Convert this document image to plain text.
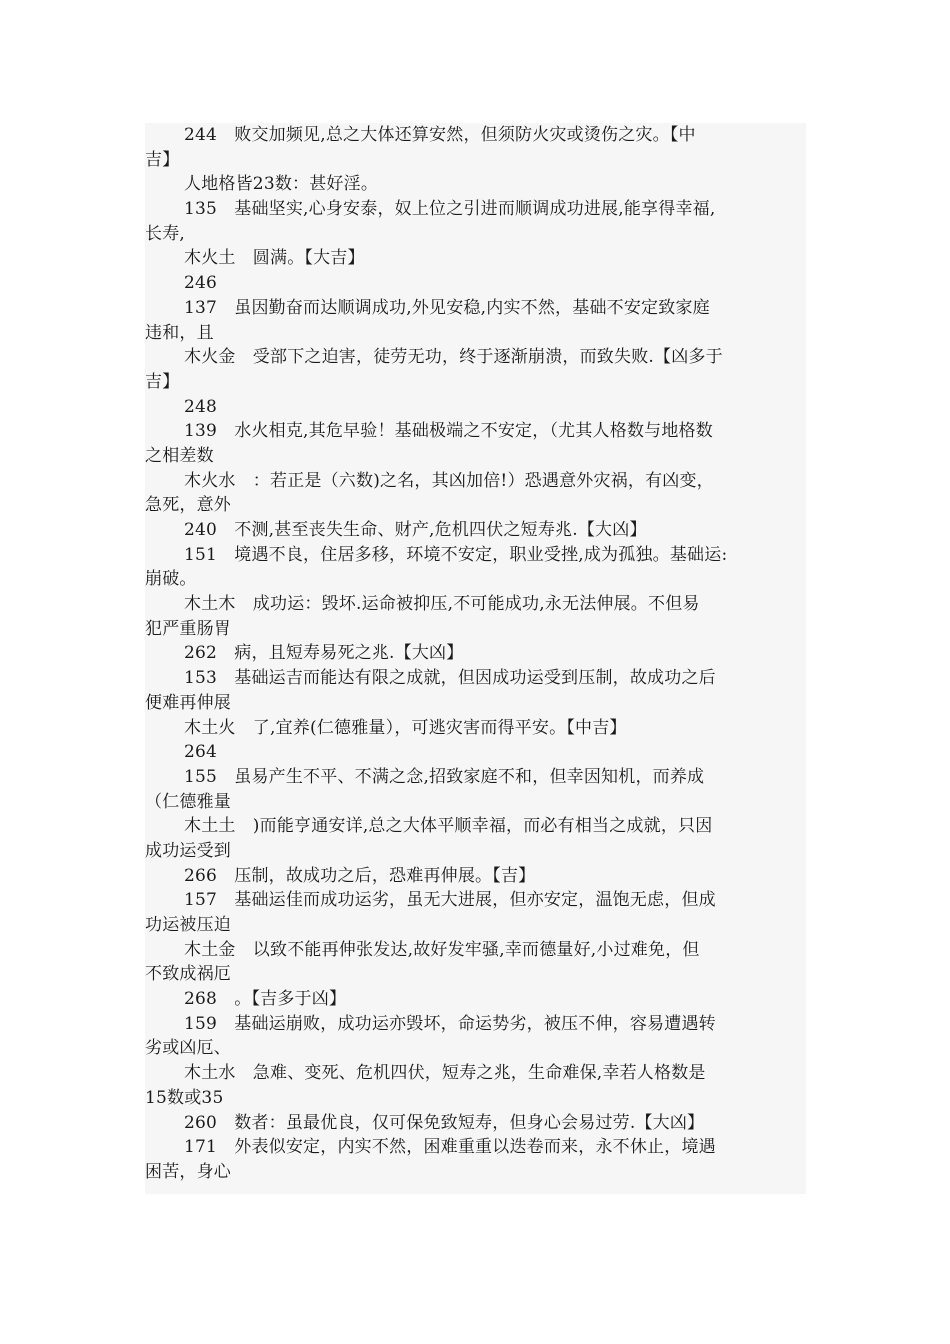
244　败交加频见,总之大体还算安然，但须防火灾或烫伤之灾。【中
吉】
人地格皆23数：甚好淫。
135　基础坚实,心身安泰，奴上位之引进而顺调成功进展,能享得幸福,
长寿,
木火土　圆满。【大吉】
246
137　虽因勤奋而达顺调成功,外见安稳,内实不然，基础不安定致家庭
违和，且
木火金　受部下之迫害，徒劳无功，终于逐渐崩溃，而致失败.【凶多于
吉】
248
139　水火相克,其危早验！基础极端之不安定，（尤其人格数与地格数
之相差数
木火水　：若正是（六数)之名，其凶加倍!）恐遇意外灾祸，有凶变，
急死，意外
240　不测,甚至丧失生命、财产,危机四伏之短寿兆.【大凶】
151　境遇不良，住居多移，环境不安定，职业受挫,成为孤独。基础运:
崩破。
木土木　成功运：毁坏.运命被抑压,不可能成功,永无法伸展。不但易
犯严重肠胃
262　病，且短寿易死之兆.【大凶】
153　基础运吉而能达有限之成就，但因成功运受到压制，故成功之后
便难再伸展
木土火　了,宜养(仁德雅量），可逃灾害而得平安。【中吉】
264
155　虽易产生不平、不满之念,招致家庭不和，但幸因知机，而养成
（仁德雅量
木土土　)而能亨通安详,总之大体平顺幸福，而必有相当之成就，只因
成功运受到
266　压制，故成功之后，恐难再伸展。【吉】
157　基础运佳而成功运劣，虽无大进展，但亦安定，温饱无虑，但成
功运被压迫
木土金　以致不能再伸张发达,故好发牢骚,幸而德量好,小过难免，但
不致成祸厄
268　。【吉多于凶】
159　基础运崩败，成功运亦毁坏，命运势劣，被压不伸，容易遭遇转
劣或凶厄、
木土水　急难、变死、危机四伏，短寿之兆，生命难保,幸若人格数是
15数或35
260　数者：虽最优良，仅可保免致短寿，但身心会易过劳.【大凶】
171　外表似安定，内实不然，困难重重以迭卷而来，永不休止，境遇
困苦，身心
